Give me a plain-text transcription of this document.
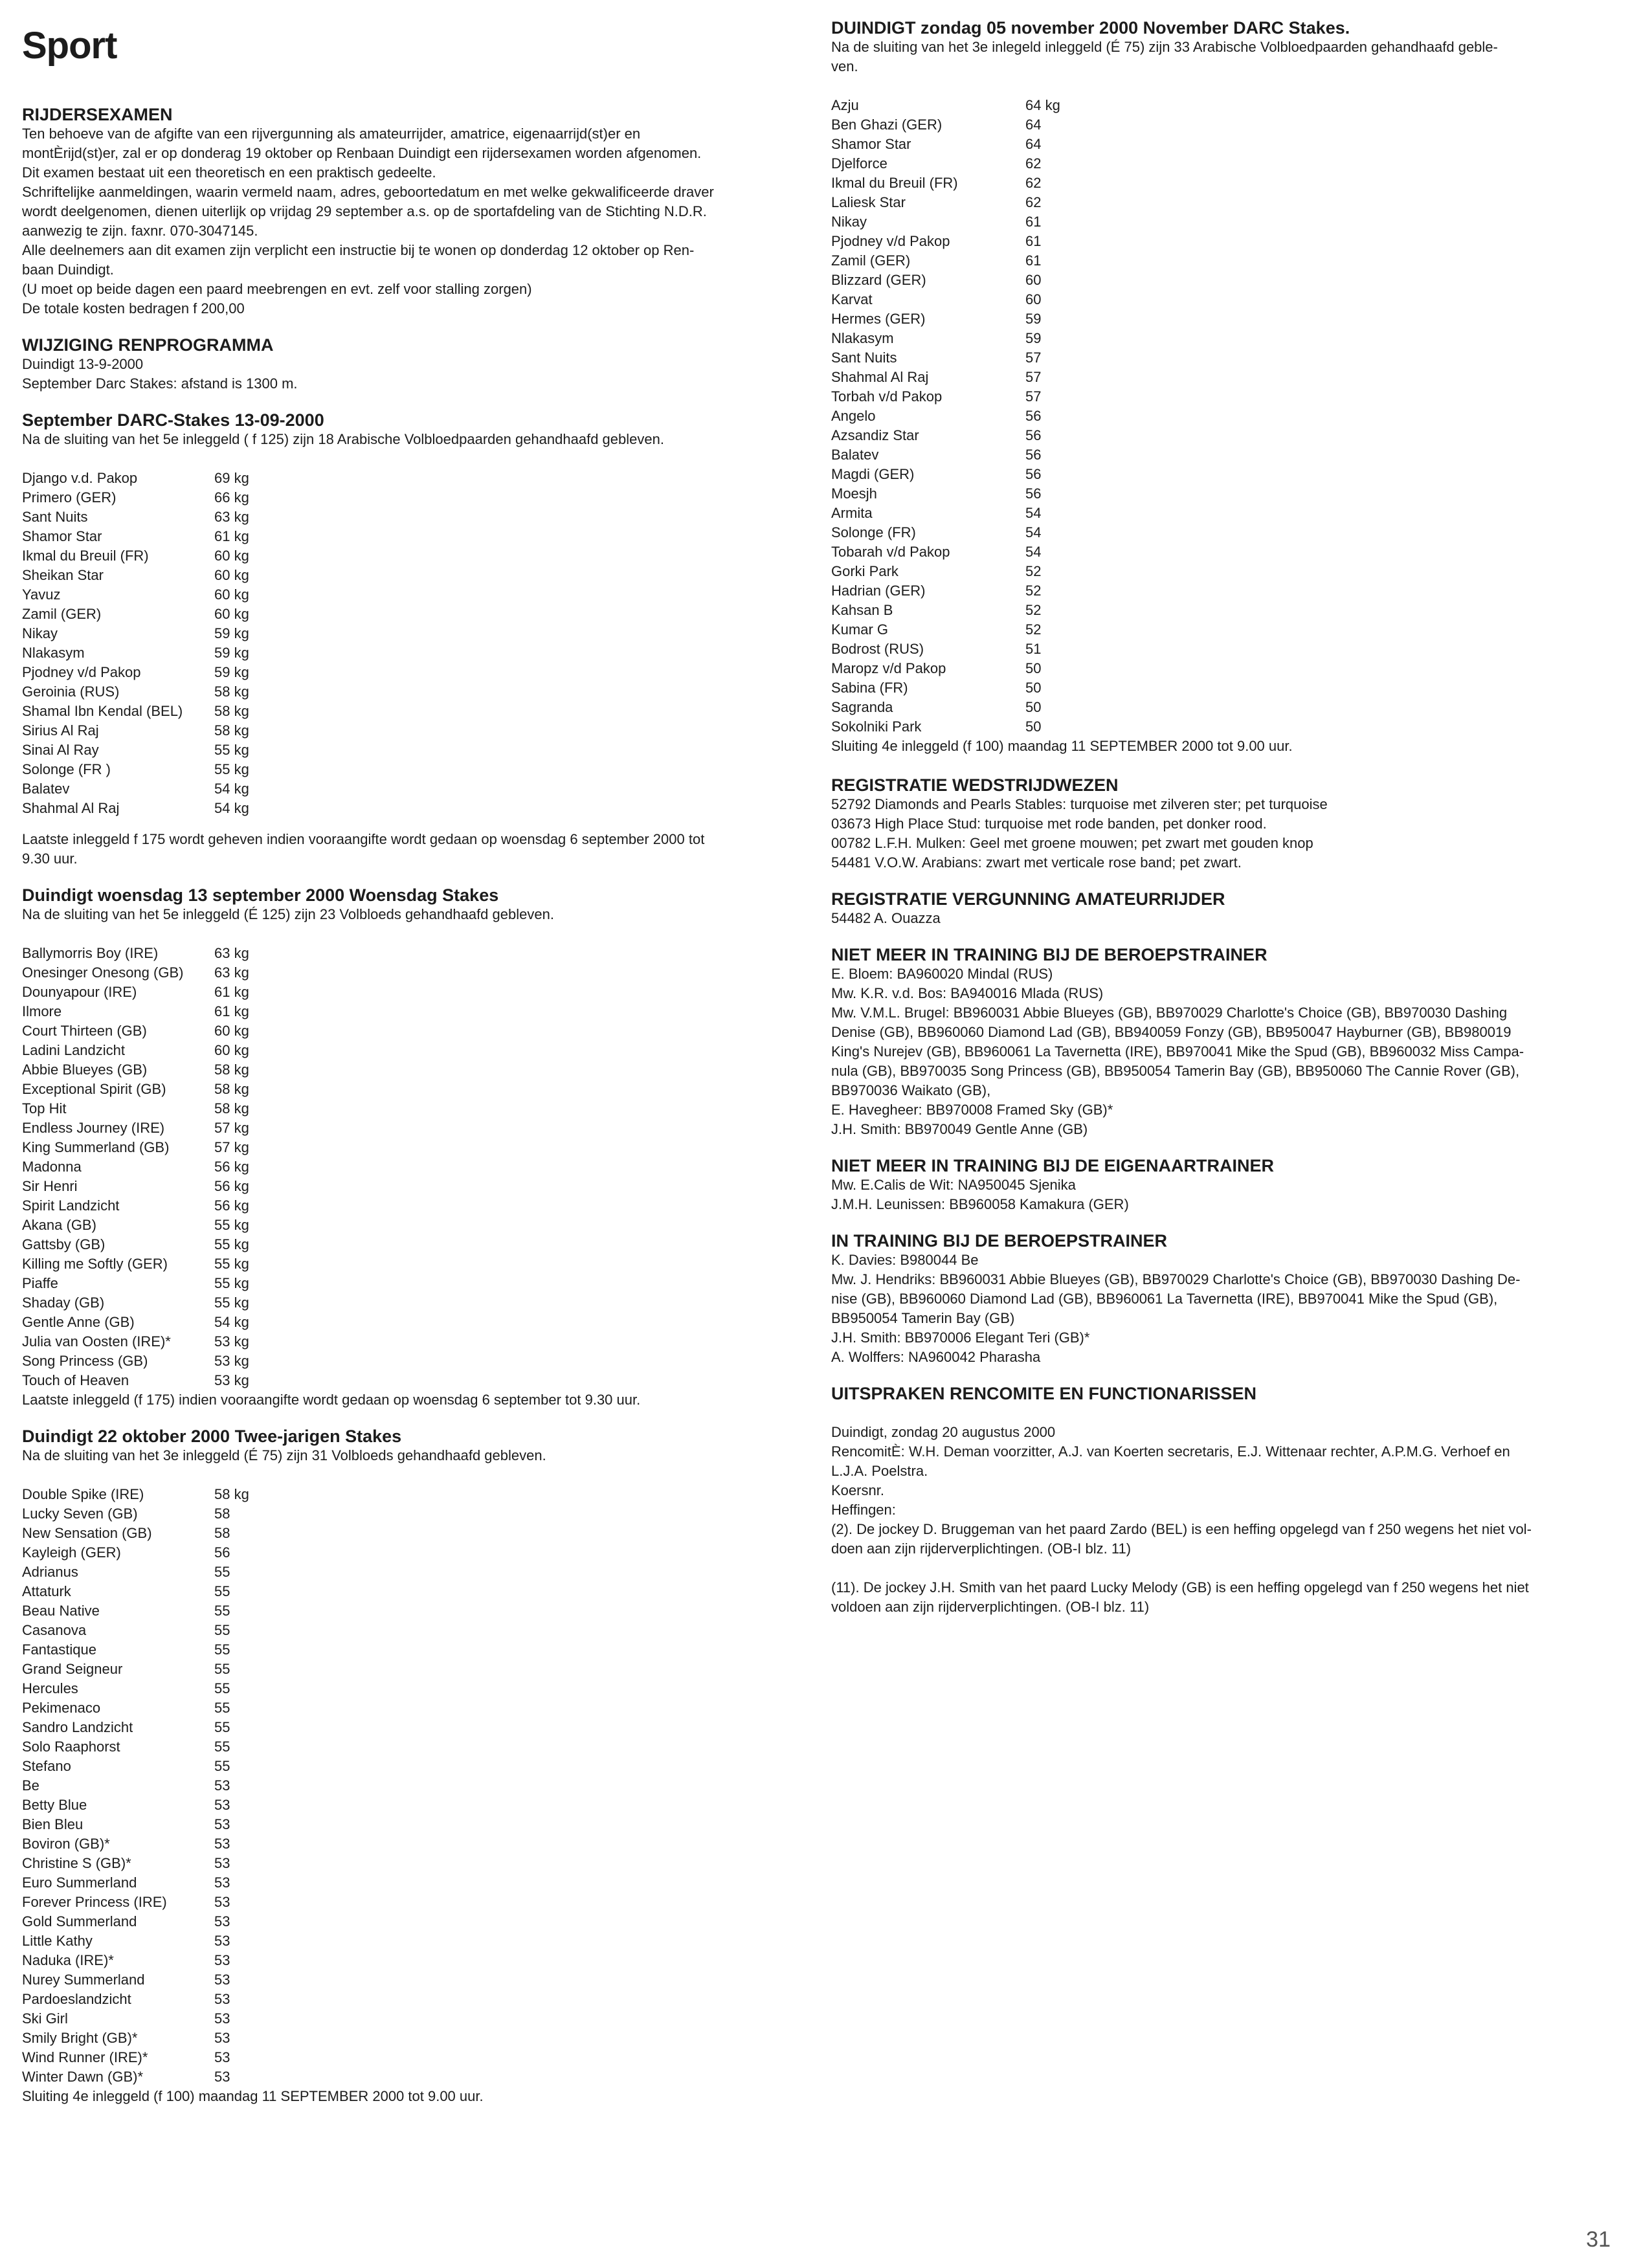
Sport
RIJDERSEXAMEN
Ten behoeve van de afgifte van een rijvergunning als amateurrijder, amatrice, eigenaarrijd(st)er en
montÈrijd(st)er, zal er op donderag 19 oktober op Renbaan Duindigt een rijdersexamen worden afgenomen.
Dit examen bestaat uit een theoretisch en een praktisch gedeelte.
Schriftelijke aanmeldingen, waarin vermeld naam, adres, geboortedatum en met welke gekwalificeerde draver
wordt deelgenomen, dienen uiterlijk op vrijdag 29 september a.s. op de sportafdeling van de Stichting N.D.R.
aanwezig te zijn. faxnr. 070-3047145.
Alle deelnemers aan dit examen zijn verplicht een instructie bij te wonen op donderdag 12 oktober op Ren-
baan Duindigt.
(U moet op beide dagen een paard meebrengen en evt. zelf voor stalling zorgen)
De totale kosten bedragen f 200,00
WIJZIGING RENPROGRAMMA
Duindigt 13-9-2000
September Darc Stakes: afstand is 1300 m.
September DARC-Stakes 13-09-2000
Na de sluiting van het 5e inleggeld ( f 125) zijn 18 Arabische Volbloedpaarden gehandhaafd gebleven.
Django v.d. Pakop	69 kg
Primero (GER)	66 kg
Sant Nuits	63 kg
Shamor Star	61 kg
Ikmal du Breuil (FR)	60 kg
Sheikan Star	60 kg
Yavuz	60 kg
Zamil (GER)	60 kg
Nikay	59 kg
Nlakasym	59 kg
Pjodney v/d Pakop	59 kg
Geroinia (RUS)	58 kg
Shamal Ibn Kendal (BEL)	58 kg
Sirius Al Raj	58 kg
Sinai Al Ray	55 kg
Solonge (FR )	55 kg
Balatev	54 kg
Shahmal Al Raj	54 kg
Laatste inleggeld f 175 wordt geheven indien vooraangifte wordt gedaan op woensdag 6 september 2000 tot
9.30 uur.
Duindigt woensdag 13 september 2000 Woensdag Stakes
Na de sluiting van het 5e inleggeld (É 125) zijn 23 Volbloeds gehandhaafd gebleven.
Ballymorris Boy (IRE)	63 kg
Onesinger Onesong (GB)	63 kg
Dounyapour (IRE)	61 kg
Ilmore	61 kg
Court Thirteen (GB)	60 kg
Ladini Landzicht	60 kg
Abbie Blueyes (GB)	58 kg
Exceptional Spirit (GB)	58 kg
Top Hit	58 kg
Endless Journey (IRE)	57 kg
King Summerland (GB)	57 kg
Madonna	56 kg
Sir Henri	56 kg
Spirit Landzicht	56 kg
Akana (GB)	55 kg
Gattsby (GB)	55 kg
Killing me Softly (GER)	55 kg
Piaffe	55 kg
Shaday (GB)	55 kg
Gentle Anne (GB)	54 kg
Julia van Oosten (IRE)*	53 kg
Song Princess (GB)	53 kg
Touch of Heaven	53 kg
Laatste inleggeld (f 175) indien vooraangifte wordt gedaan op woensdag 6 september tot 9.30 uur.
Duindigt 22 oktober 2000 Twee-jarigen Stakes
Na de sluiting van het 3e inleggeld (É 75) zijn 31 Volbloeds gehandhaafd gebleven.
Double Spike (IRE)	58 kg
Lucky Seven (GB)	58
New Sensation (GB)	58
Kayleigh (GER)	56
Adrianus	55
Attaturk	55
Beau Native	55
Casanova	55
Fantastique	55
Grand Seigneur	55
Hercules	55
Pekimenaco	55
Sandro Landzicht	55
Solo Raaphorst	55
Stefano	55
Be	53
Betty Blue	53
Bien Bleu	53
Boviron (GB)*	53
Christine S (GB)*	53
Euro Summerland	53
Forever Princess (IRE)	53
Gold Summerland	53
Little Kathy	53
Naduka (IRE)*	53
Nurey Summerland	53
Pardoeslandzicht	53
Ski Girl	53
Smily Bright (GB)*	53
Wind Runner (IRE)*	53
Winter Dawn (GB)*	53
Sluiting 4e inleggeld (f 100) maandag 11 SEPTEMBER 2000 tot 9.00 uur.
DUINDIGT zondag 05 november 2000 November DARC Stakes.
Na de sluiting van het 3e inlegeld inleggeld (É 75) zijn 33 Arabische Volbloedpaarden gehandhaafd geble-
ven.
Azju	64 kg
Ben Ghazi (GER)	64
Shamor Star	64
Djelforce	62
Ikmal du Breuil (FR)	62
Laliesk Star	62
Nikay	61
Pjodney v/d Pakop	61
Zamil (GER)	61
Blizzard (GER)	60
Karvat	60
Hermes (GER)	59
Nlakasym	59
Sant Nuits	57
Shahmal Al Raj	57
Torbah v/d Pakop	57
Angelo	56
Azsandiz Star	56
Balatev	56
Magdi (GER)	56
Moesjh	56
Armita	54
Solonge (FR)	54
Tobarah v/d Pakop	54
Gorki Park	52
Hadrian (GER)	52
Kahsan B	52
Kumar G	52
Bodrost (RUS)	51
Maropz v/d Pakop	50
Sabina (FR)	50
Sagranda	50
Sokolniki Park	50
Sluiting 4e inleggeld (f 100) maandag 11 SEPTEMBER 2000 tot 9.00 uur.
REGISTRATIE WEDSTRIJDWEZEN
52792 Diamonds and Pearls Stables: turquoise met zilveren ster; pet turquoise
03673 High Place Stud: turquoise met rode banden, pet donker rood.
00782 L.F.H. Mulken: Geel met groene mouwen; pet zwart met gouden knop
54481 V.O.W. Arabians: zwart met verticale rose band; pet zwart.
REGISTRATIE VERGUNNING AMATEURRIJDER
54482 A. Ouazza
NIET MEER IN TRAINING BIJ DE BEROEPSTRAINER
E. Bloem: BA960020 Mindal (RUS)
Mw. K.R. v.d. Bos: BA940016 Mlada (RUS)
Mw. V.M.L. Brugel: BB960031 Abbie Blueyes (GB), BB970029 Charlotte's Choice (GB), BB970030 Dashing
Denise (GB), BB960060 Diamond Lad (GB), BB940059 Fonzy (GB), BB950047 Hayburner (GB), BB980019
King's Nurejev (GB), BB960061 La Tavernetta (IRE), BB970041 Mike the Spud (GB), BB960032 Miss Campa-
nula (GB), BB970035 Song Princess (GB), BB950054 Tamerin Bay (GB), BB950060 The Cannie Rover (GB),
BB970036 Waikato (GB),
E. Havegheer: BB970008 Framed Sky (GB)*
J.H. Smith: BB970049 Gentle Anne (GB)
NIET MEER IN TRAINING BIJ DE EIGENAARTRAINER
Mw. E.Calis de Wit: NA950045 Sjenika
J.M.H. Leunissen: BB960058 Kamakura (GER)
IN TRAINING BIJ DE BEROEPSTRAINER
K. Davies: B980044 Be
Mw. J. Hendriks: BB960031 Abbie Blueyes (GB), BB970029 Charlotte's Choice (GB), BB970030 Dashing De-
nise (GB), BB960060 Diamond Lad (GB), BB960061 La Tavernetta (IRE), BB970041 Mike the Spud (GB),
BB950054 Tamerin Bay (GB)
J.H. Smith: BB970006 Elegant Teri (GB)*
A. Wolffers: NA960042 Pharasha
UITSPRAKEN RENCOMITE EN FUNCTIONARISSEN
Duindigt, zondag 20 augustus 2000
RencomitÈ: W.H. Deman voorzitter, A.J. van Koerten secretaris, E.J. Wittenaar rechter, A.P.M.G. Verhoef en
L.J.A. Poelstra.
Koersnr.
Heffingen:
(2). De jockey D. Bruggeman van het paard Zardo (BEL) is een heffing opgelegd van f 250 wegens het niet vol-
doen aan zijn rijderverplichtingen. (OB-I blz. 11)
(11). De jockey J.H. Smith van het paard Lucky Melody (GB) is een heffing opgelegd van f 250 wegens het niet
voldoen aan zijn rijderverplichtingen. (OB-I blz. 11)
31
